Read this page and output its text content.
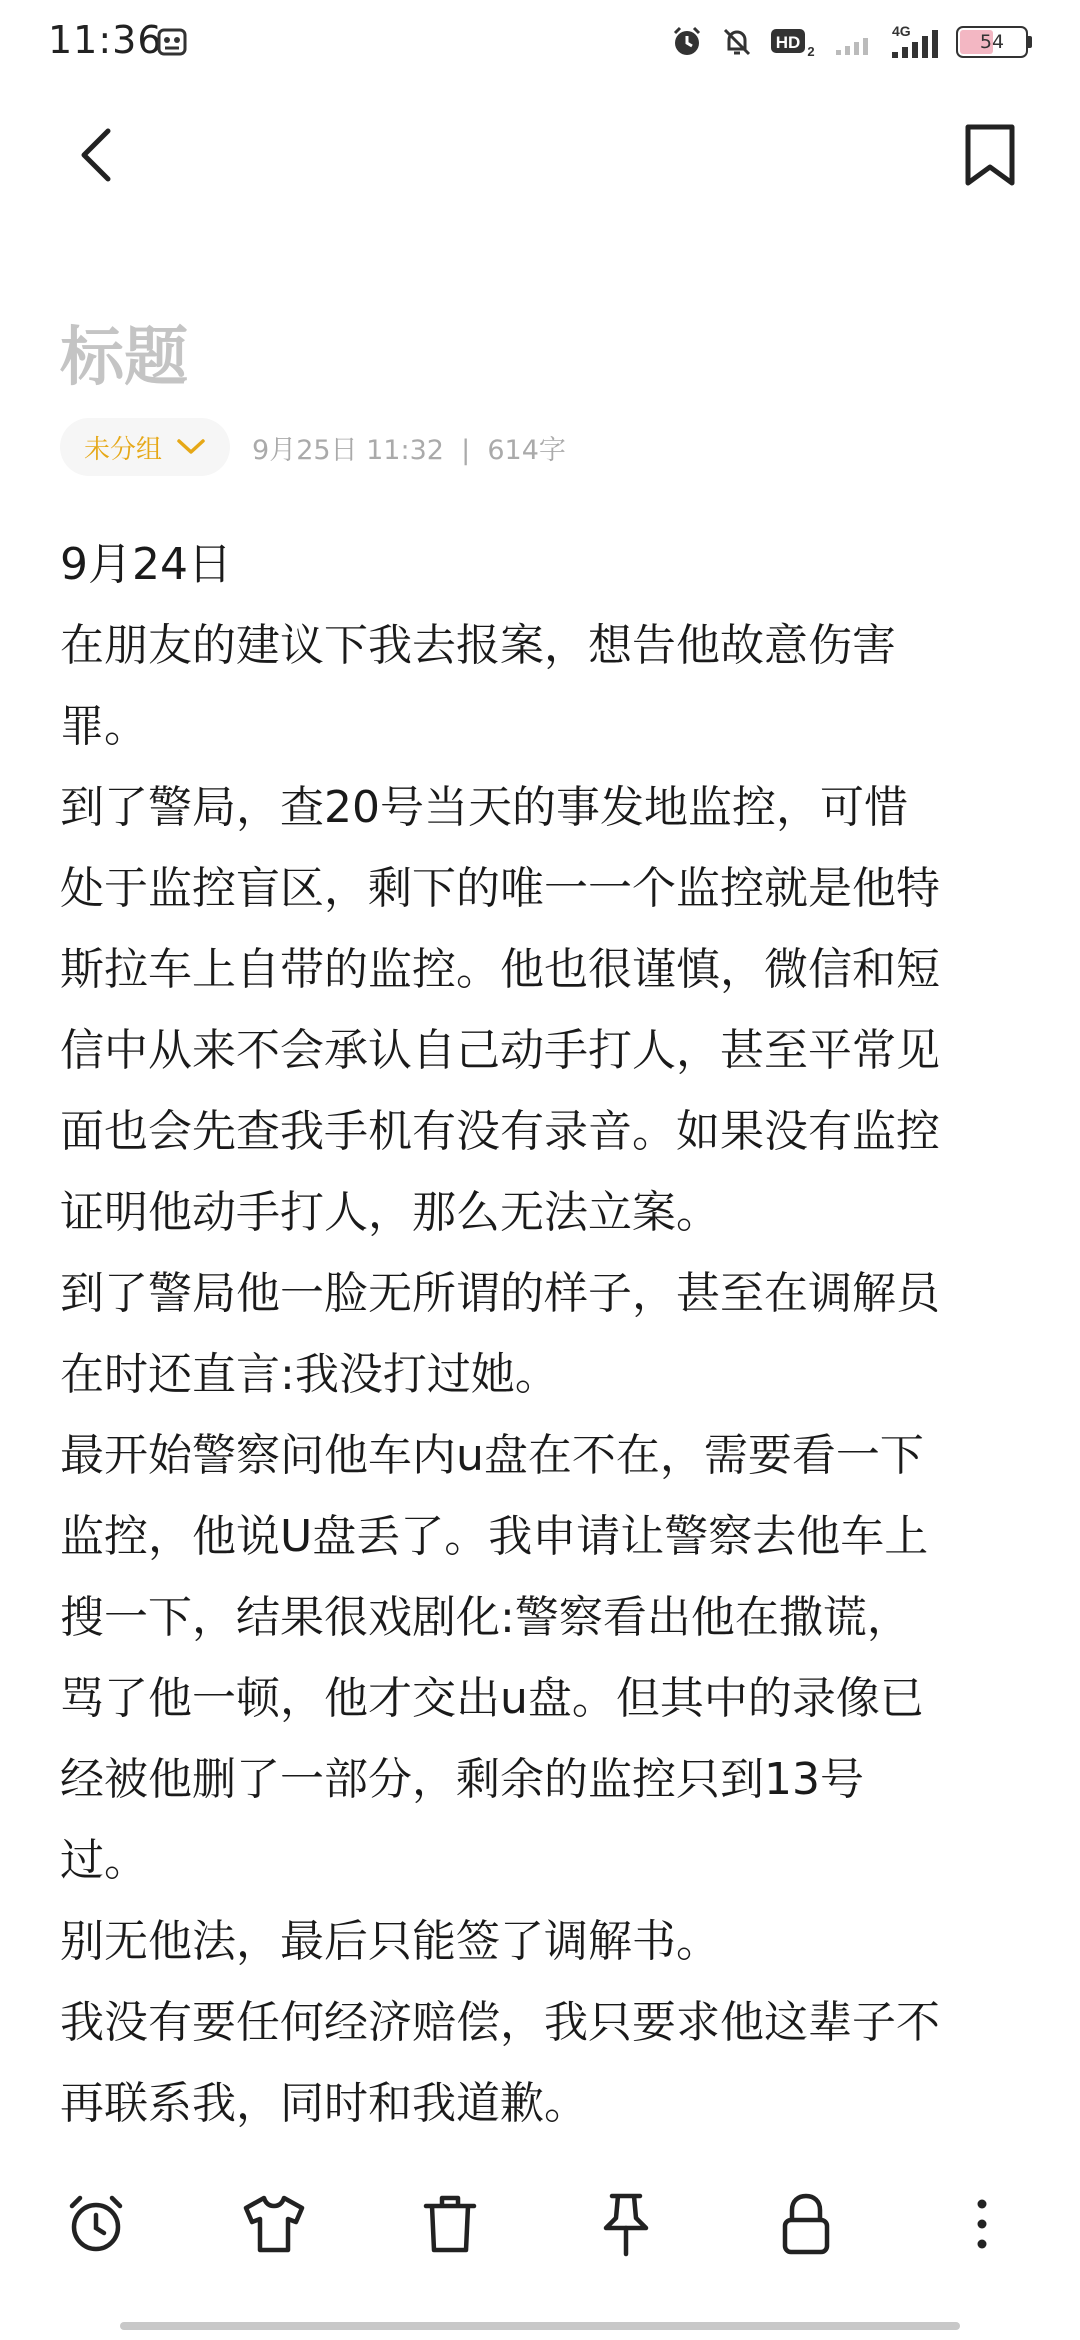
11:36	HD 2
4G	54
标题
未分组	9月25日 11:32  |  614字
9月24日
在朋友的建议下我去报案，想告他故意伤害
罪。
到了警局，查20号当天的事发地监控，可惜
处于监控盲区，剩下的唯一一个监控就是他特
斯拉车上自带的监控。他也很谨慎，微信和短
信中从来不会承认自己动手打人，甚至平常见
面也会先查我手机有没有录音。如果没有监控
证明他动手打人，那么无法立案。
到了警局他一脸无所谓的样子，甚至在调解员
在时还直言:我没打过她。
最开始警察问他车内u盘在不在，需要看一下
监控，他说U盘丢了。我申请让警察去他车上
搜一下，结果很戏剧化:警察看出他在撒谎，
骂了他一顿，他才交出u盘。但其中的录像已
经被他删了一部分，剩余的监控只到13号
过。
别无他法，最后只能签了调解书。
我没有要任何经济赔偿，我只要求他这辈子不
再联系我，同时和我道歉。
